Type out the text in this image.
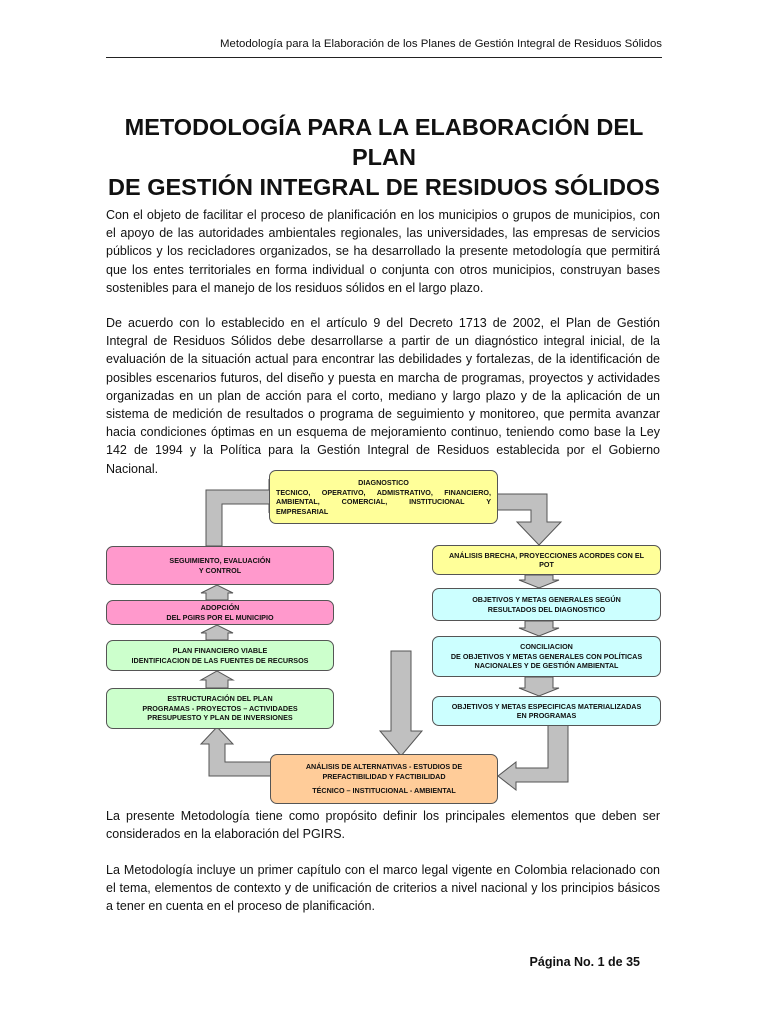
Metodología para la Elaboración de los Planes de Gestión Integral de Residuos Sólidos
METODOLOGÍA PARA LA ELABORACIÓN DEL PLAN
DE GESTIÓN INTEGRAL DE RESIDUOS SÓLIDOS

Con el objeto de facilitar el proceso de planificación en los municipios o grupos de municipios, con el apoyo de las autoridades ambientales regionales, las universidades, las empresas de servicios públicos y los recicladores organizados, se ha desarrollado la presente metodología que permitirá que los entes territoriales en forma individual o conjunta con otros municipios, construyan bases sostenibles para el manejo de los residuos sólidos en el largo plazo.

De acuerdo con lo establecido en el artículo 9 del Decreto 1713 de 2002, el Plan de Gestión Integral de Residuos Sólidos debe desarrollarse a partir de un diagnóstico integral inicial, de la evaluación de la situación actual para encontrar las debilidades y fortalezas, de la identificación de posibles escenarios futuros, del diseño y puesta en marcha de programas, proyectos y actividades organizadas en un plan de acción para el corto, mediano y largo plazo y de la aplicación de un sistema de medición de resultados o programa de seguimiento y monitoreo, que permita avanzar hacia condiciones óptimas en un esquema de mejoramiento continuo, teniendo como base la Ley 142 de 1994 y la Política para la Gestión Integral de Residuos establecida por el Gobierno Nacional.

DIAGNOSTICO
TECNICO, OPERATIVO, ADMISTRATIVO, FINANCIERO,
AMBIENTAL, COMERCIAL, INSTITUCIONAL Y
EMPRESARIAL
SEGUIMIENTO, EVALUACIÓN
Y CONTROL
ANÁLISIS BRECHA, PROYECCIONES ACORDES CON EL
POT
ADOPCIÓN
DEL PGIRS POR EL MUNICIPIO
OBJETIVOS Y METAS GENERALES SEGÚN
RESULTADOS DEL DIAGNOSTICO
PLAN FINANCIERO VIABLE
IDENTIFICACION DE LAS FUENTES DE RECURSOS
CONCILIACION
DE OBJETIVOS Y METAS GENERALES CON POLÍTICAS
NACIONALES Y DE GESTIÓN AMBIENTAL
ESTRUCTURACIÓN DEL PLAN
PROGRAMAS - PROYECTOS – ACTIVIDADES
PRESUPUESTO Y PLAN DE INVERSIONES
OBJETIVOS Y METAS ESPECIFICAS MATERIALIZADAS
EN PROGRAMAS
ANÁLISIS DE ALTERNATIVAS - ESTUDIOS DE
PREFACTIBILIDAD Y FACTIBILIDAD
TÉCNICO – INSTITUCIONAL - AMBIENTAL

La presente Metodología tiene como propósito definir los principales elementos que deben ser considerados en la elaboración del PGIRS.

La Metodología incluye un primer capítulo con el marco legal vigente en Colombia relacionado con el tema, elementos de contexto y de unificación de criterios a nivel nacional y los principios básicos a tener en cuenta en el proceso de planificación.

Página No. 1 de 35
